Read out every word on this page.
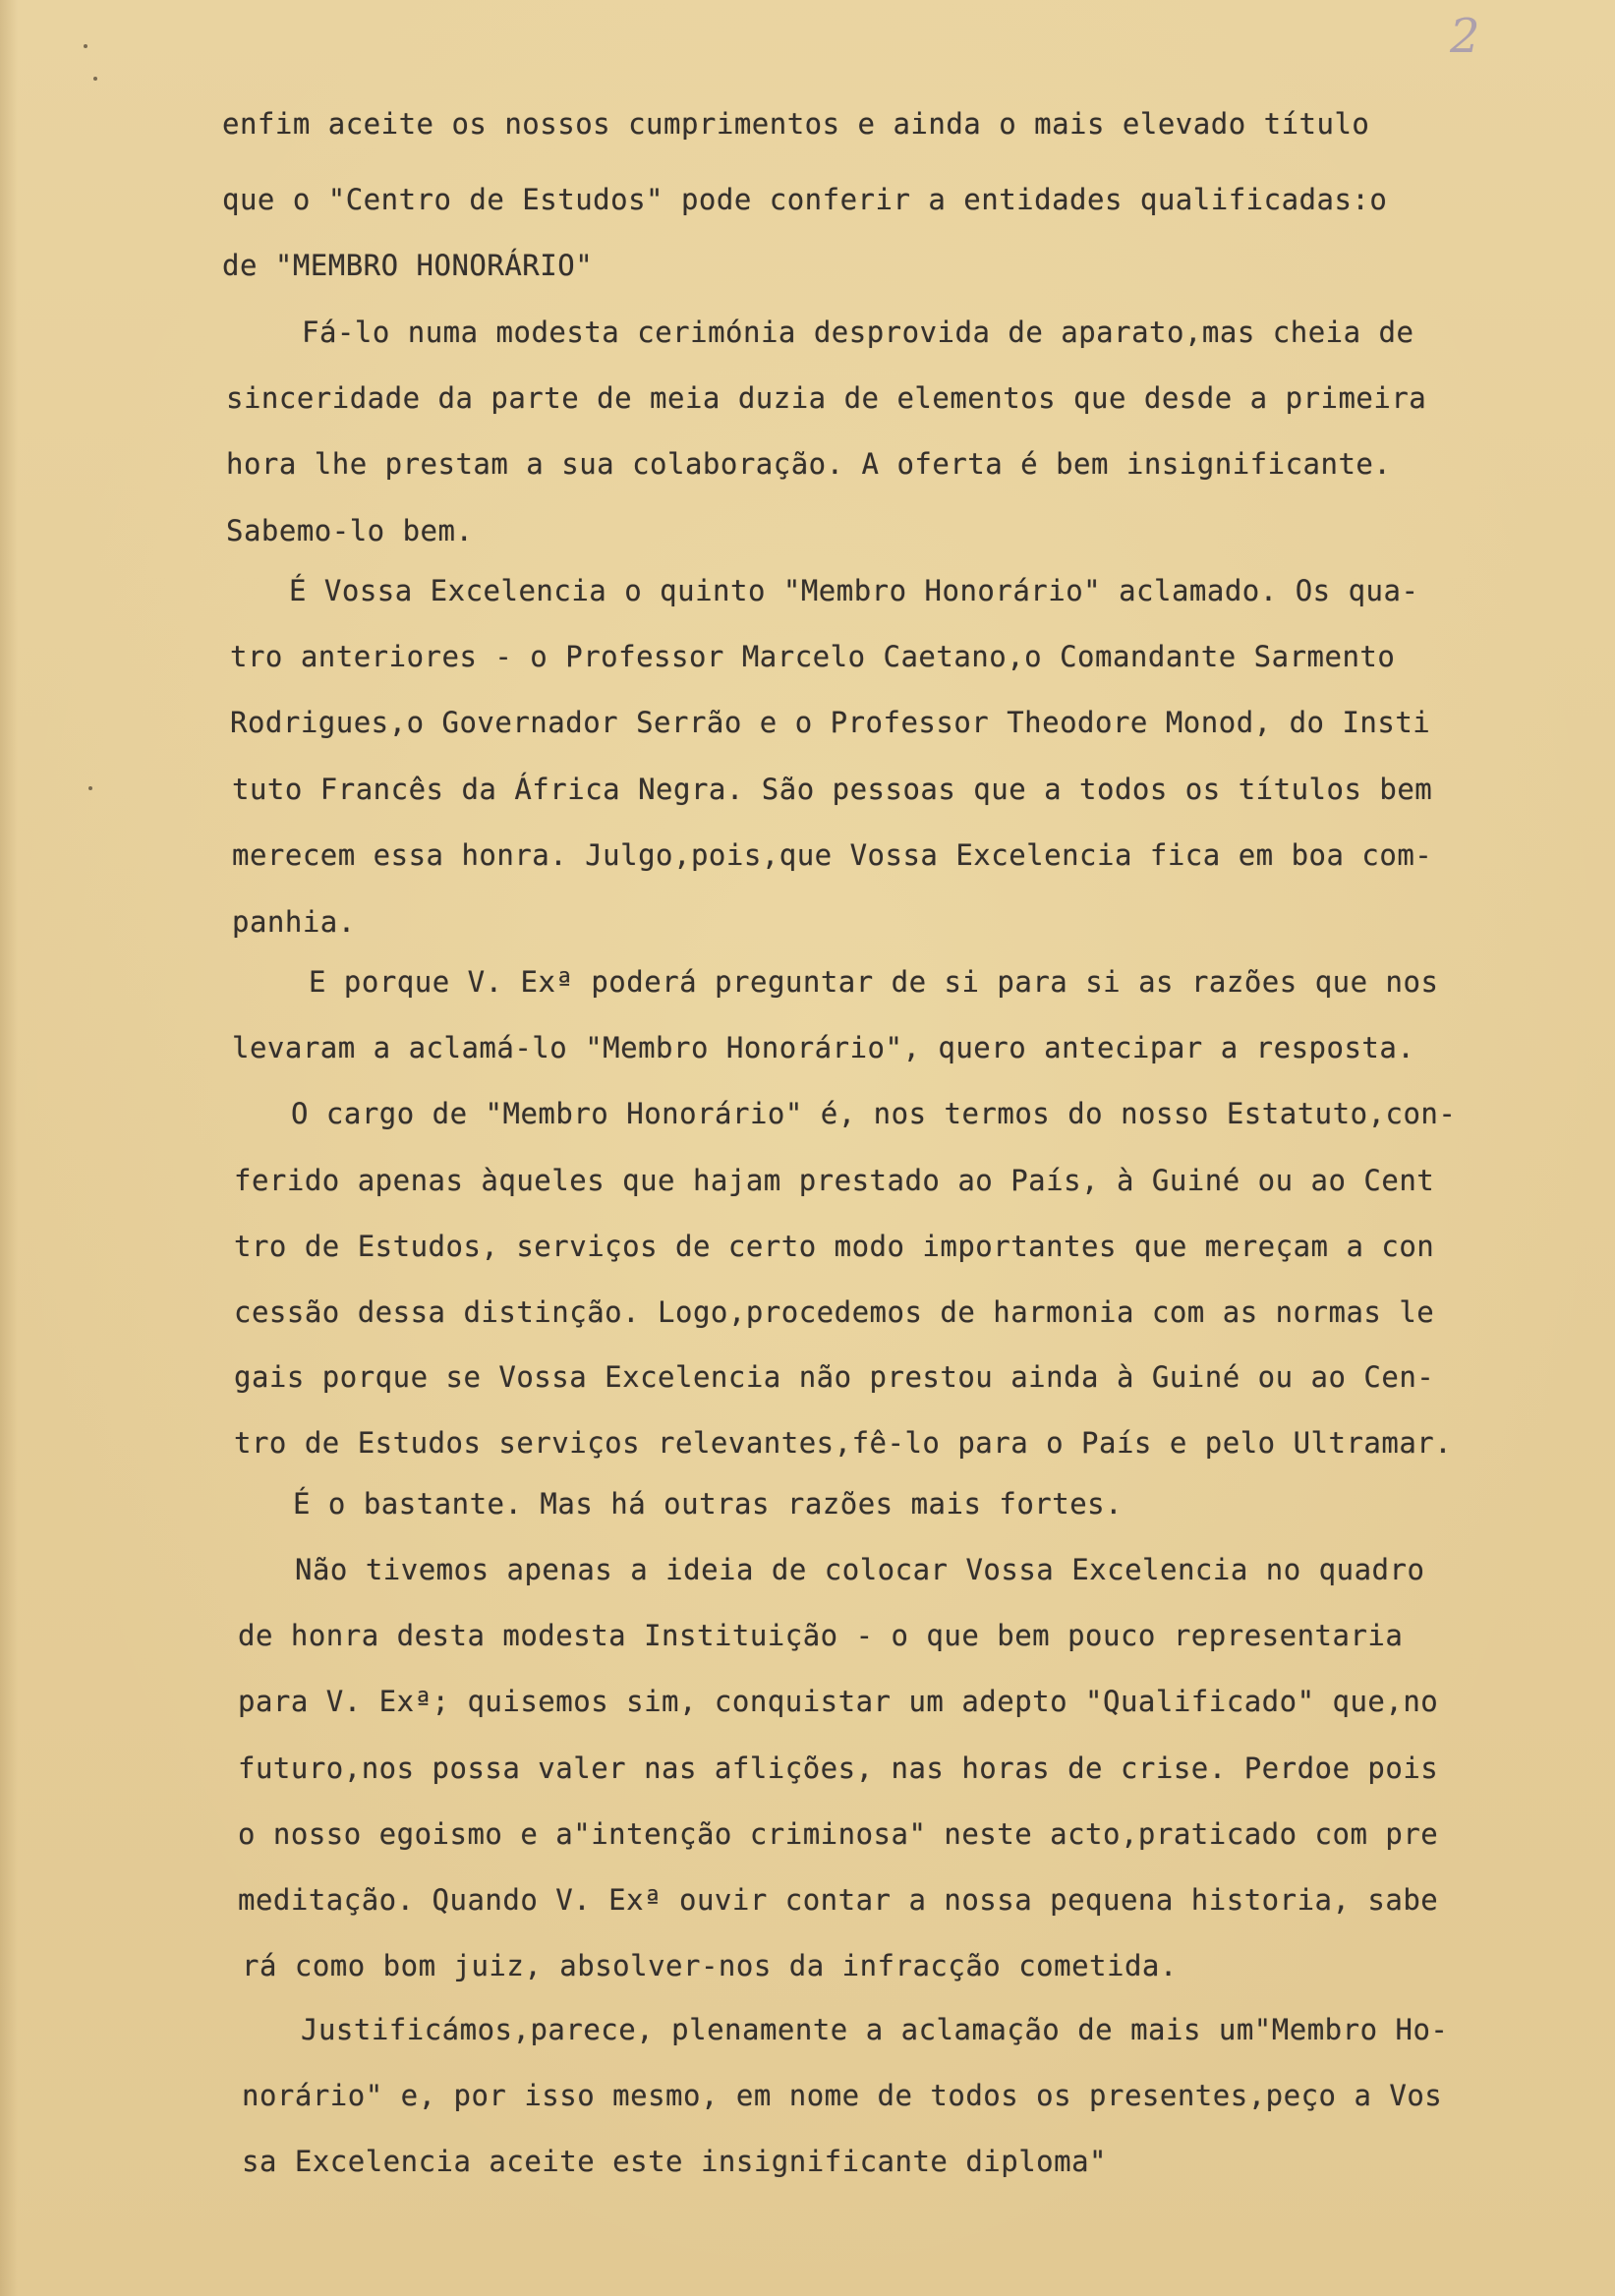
2
enfim aceite os nossos cumprimentos e ainda o mais elevado título
que o "Centro de Estudos" pode conferir a entidades qualificadas:o
de "MEMBRO HONORÁRIO"
Fá-lo numa modesta cerimónia desprovida de aparato,mas cheia de
sinceridade da parte de meia duzia de elementos que desde a primeira
hora lhe prestam a sua colaboração. A oferta é bem insignificante.
Sabemo-lo bem.
É Vossa Excelencia o quinto "Membro Honorário" aclamado. Os qua-
tro anteriores - o Professor Marcelo Caetano,o Comandante Sarmento
Rodrigues,o Governador Serrão e o Professor Theodore Monod, do Insti
tuto Francês da África Negra. São pessoas que a todos os títulos bem
merecem essa honra. Julgo,pois,que Vossa Excelencia fica em boa com-
panhia.
E porque V. Exª poderá preguntar de si para si as razões que nos
levaram a aclamá-lo "Membro Honorário", quero antecipar a resposta.
O cargo de "Membro Honorário" é, nos termos do nosso Estatuto,con-
ferido apenas àqueles que hajam prestado ao País, à Guiné ou ao Cent
tro de Estudos, serviços de certo modo importantes que mereçam a con
cessão dessa distinção. Logo,procedemos de harmonia com as normas le
gais porque se Vossa Excelencia não prestou ainda à Guiné ou ao Cen-
tro de Estudos serviços relevantes,fê-lo para o País e pelo Ultramar.
É o bastante. Mas há outras razões mais fortes.
Não tivemos apenas a ideia de colocar Vossa Excelencia no quadro
de honra desta modesta Instituição - o que bem pouco representaria
para V. Exª; quisemos sim, conquistar um adepto "Qualificado" que,no
futuro,nos possa valer nas aflições, nas horas de crise. Perdoe pois
o nosso egoismo e a"intenção criminosa" neste acto,praticado com pre
meditação. Quando V. Exª ouvir contar a nossa pequena historia, sabe
rá como bom juiz, absolver-nos da infracção cometida.
Justificámos,parece, plenamente a aclamação de mais um"Membro Ho-
norário" e, por isso mesmo, em nome de todos os presentes,peço a Vos
sa Excelencia aceite este insignificante diploma"
